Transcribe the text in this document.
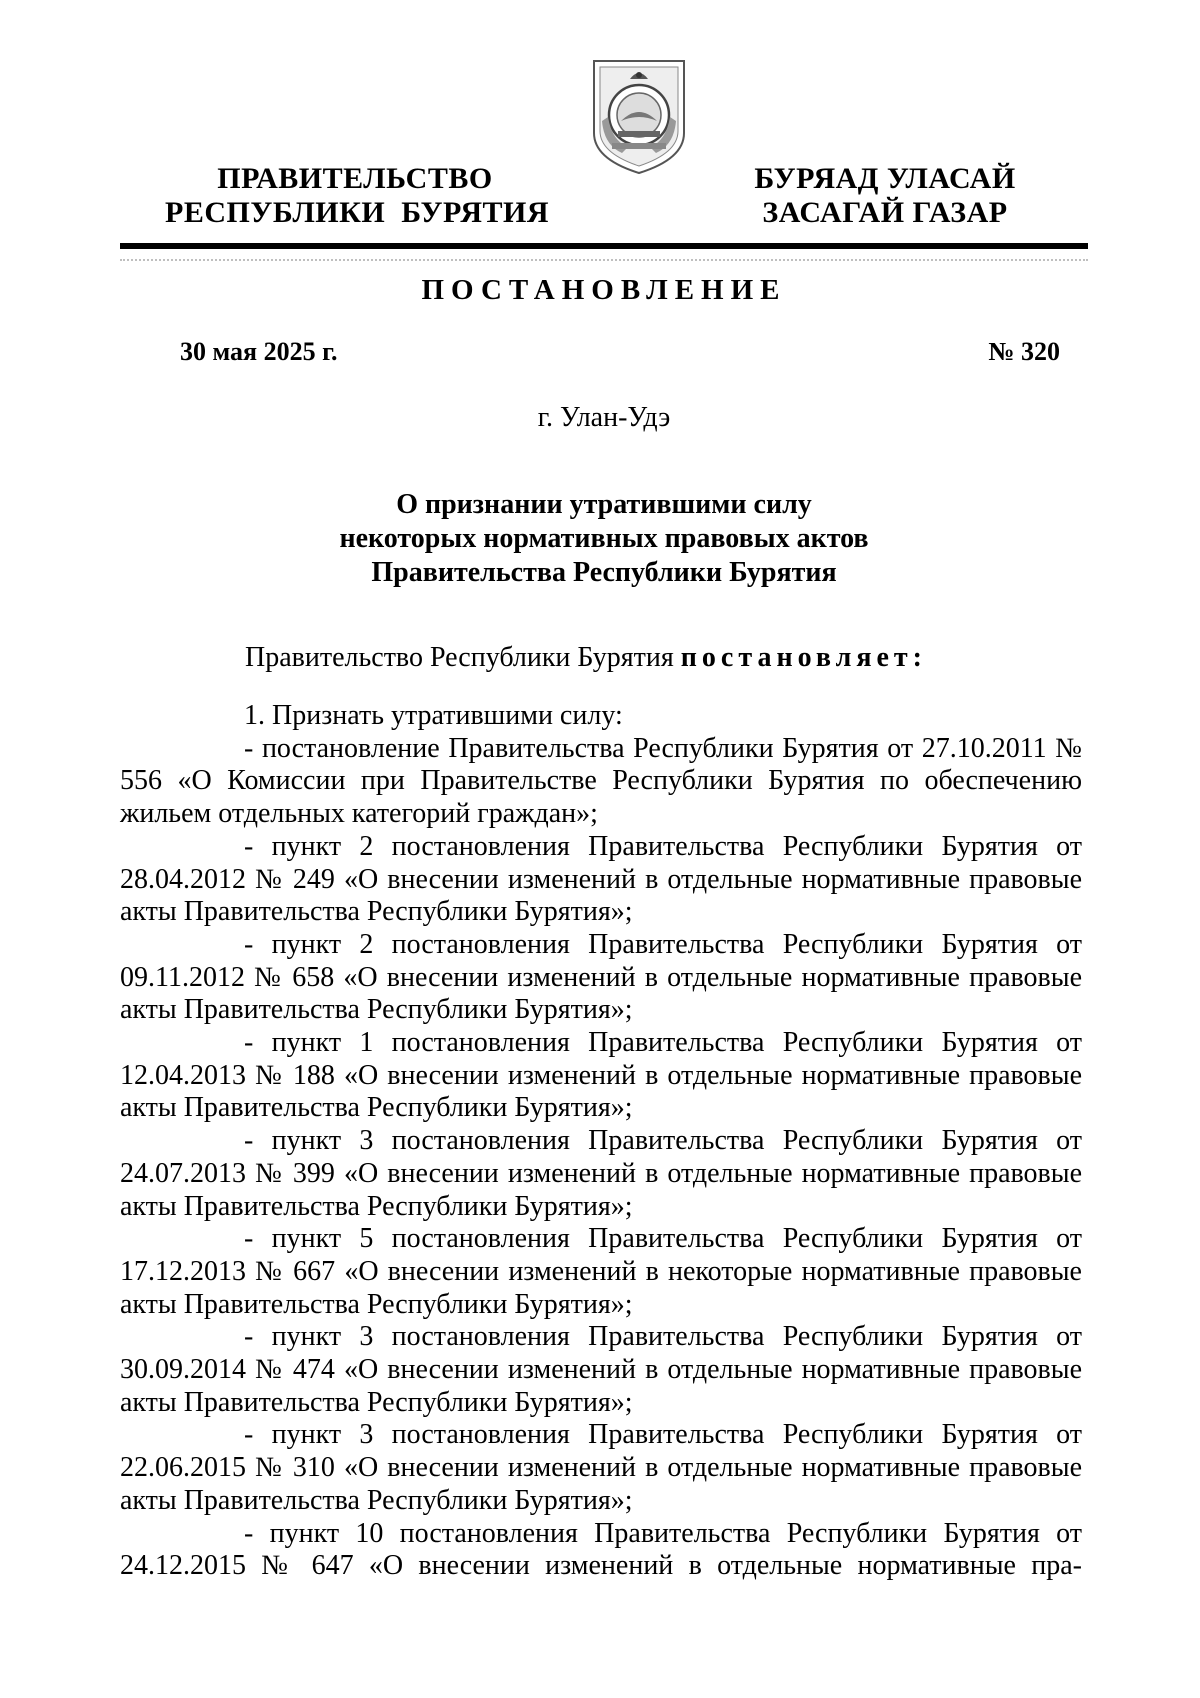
ПРАВИТЕЛЬСТВО
РЕСПУБЛИКИ  БУРЯТИЯ
БУРЯАД УЛАСАЙ
ЗАСАГАЙ ГАЗАР
ПОСТАНОВЛЕНИЕ
30 мая 2025 г.	№ 320
г. Улан-Удэ
О признании утратившими силу
некоторых нормативных правовых актов
Правительства Республики Бурятия
Правительство Республики Бурятия постановляет:

1. Признать утратившими силу:

- постановление Правительства Республики Бурятия от 27.10.2011 № 556 «О Комиссии при Правительстве Республики Бурятия по обеспечению жильем отдельных категорий граждан»;

- пункт 2 постановления Правительства Республики Бурятия от 28.04.2012 № 249 «О внесении изменений в отдельные нормативные правовые акты Правительства Республики Бурятия»;

- пункт 2 постановления Правительства Республики Бурятия от 09.11.2012 № 658 «О внесении изменений в отдельные нормативные правовые акты Правительства Республики Бурятия»;

- пункт 1 постановления Правительства Республики Бурятия от 12.04.2013 № 188 «О внесении изменений в отдельные нормативные правовые акты Правительства Республики Бурятия»;

- пункт 3 постановления Правительства Республики Бурятия от 24.07.2013 № 399 «О внесении изменений в отдельные нормативные правовые акты Правительства Республики Бурятия»;

- пункт 5 постановления Правительства Республики Бурятия от 17.12.2013 № 667 «О внесении изменений в некоторые нормативные правовые акты Правительства Республики Бурятия»;

- пункт 3 постановления Правительства Республики Бурятия от 30.09.2014 № 474 «О внесении изменений в отдельные нормативные правовые акты Правительства Республики Бурятия»;

- пункт 3 постановления Правительства Республики Бурятия от 22.06.2015 № 310 «О внесении изменений в отдельные нормативные правовые акты Правительства Республики Бурятия»;

- пункт 10 постановления Правительства Республики Бурятия от 24.12.2015 № 647 «О внесении изменений в отдельные нормативные пра-
